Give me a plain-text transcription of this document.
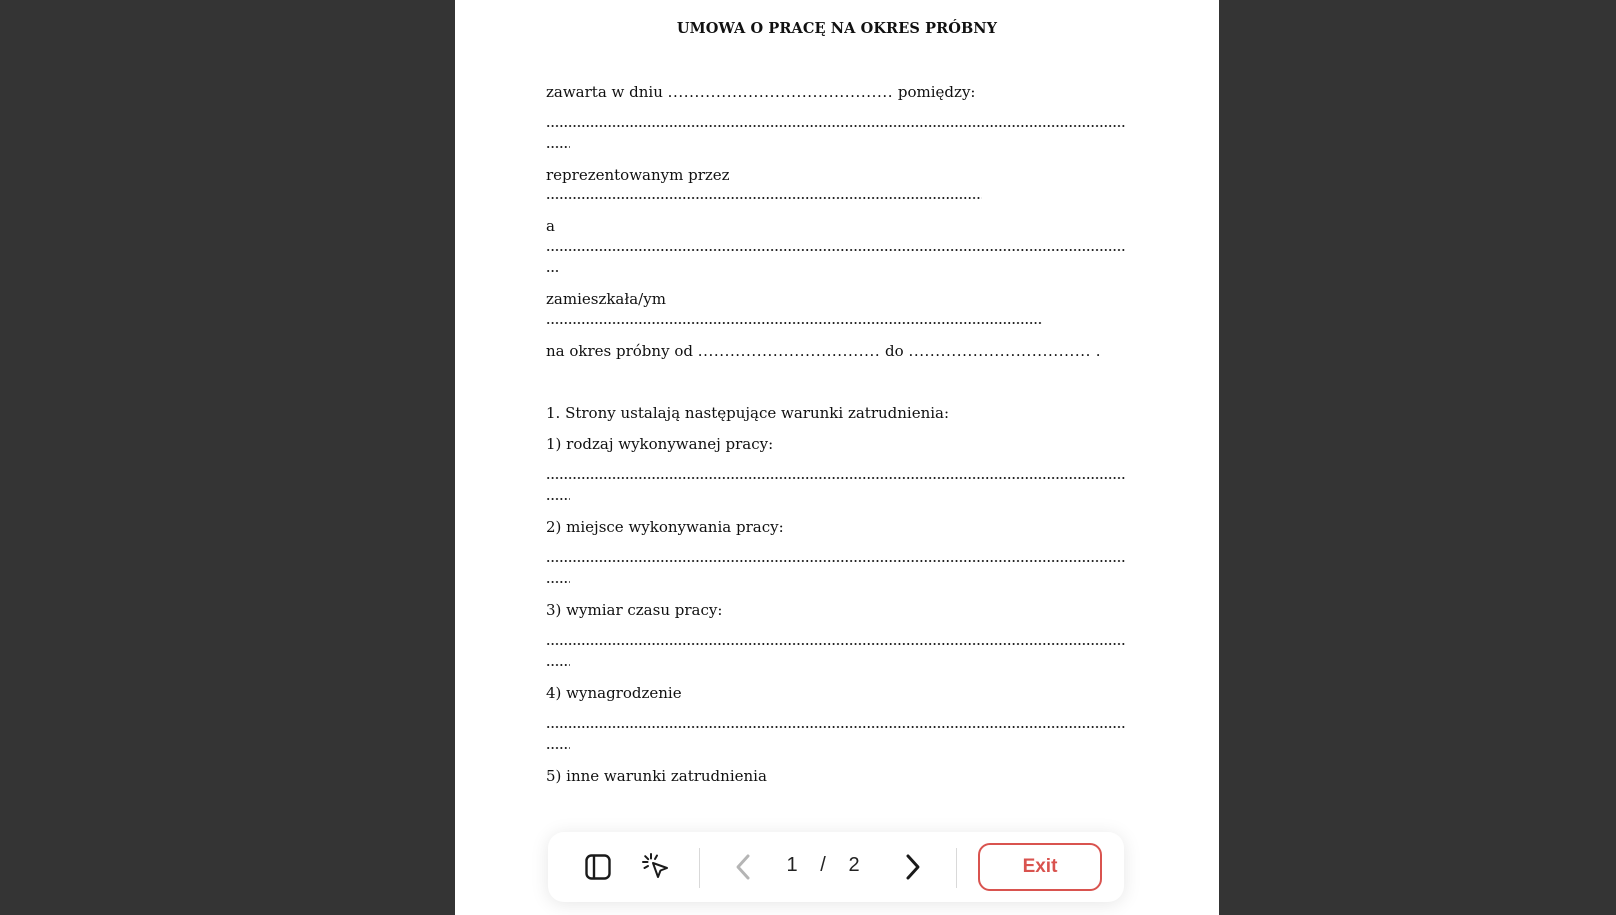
UMOWA O PRACĘ NA OKRES PRÓBNY
zawarta w dniu .......................................... pomiędzy:
reprezentowanym przez
a
zamieszkała/ym
na okres próbny od .................................. do .................................. .
1. Strony ustalają następujące warunki zatrudnienia:
1) rodzaj wykonywanej pracy:
2) miejsce wykonywania pracy:
3) wymiar czasu pracy:
4) wynagrodzenie
5) inne warunki zatrudnienia
1 / 2	Exit
